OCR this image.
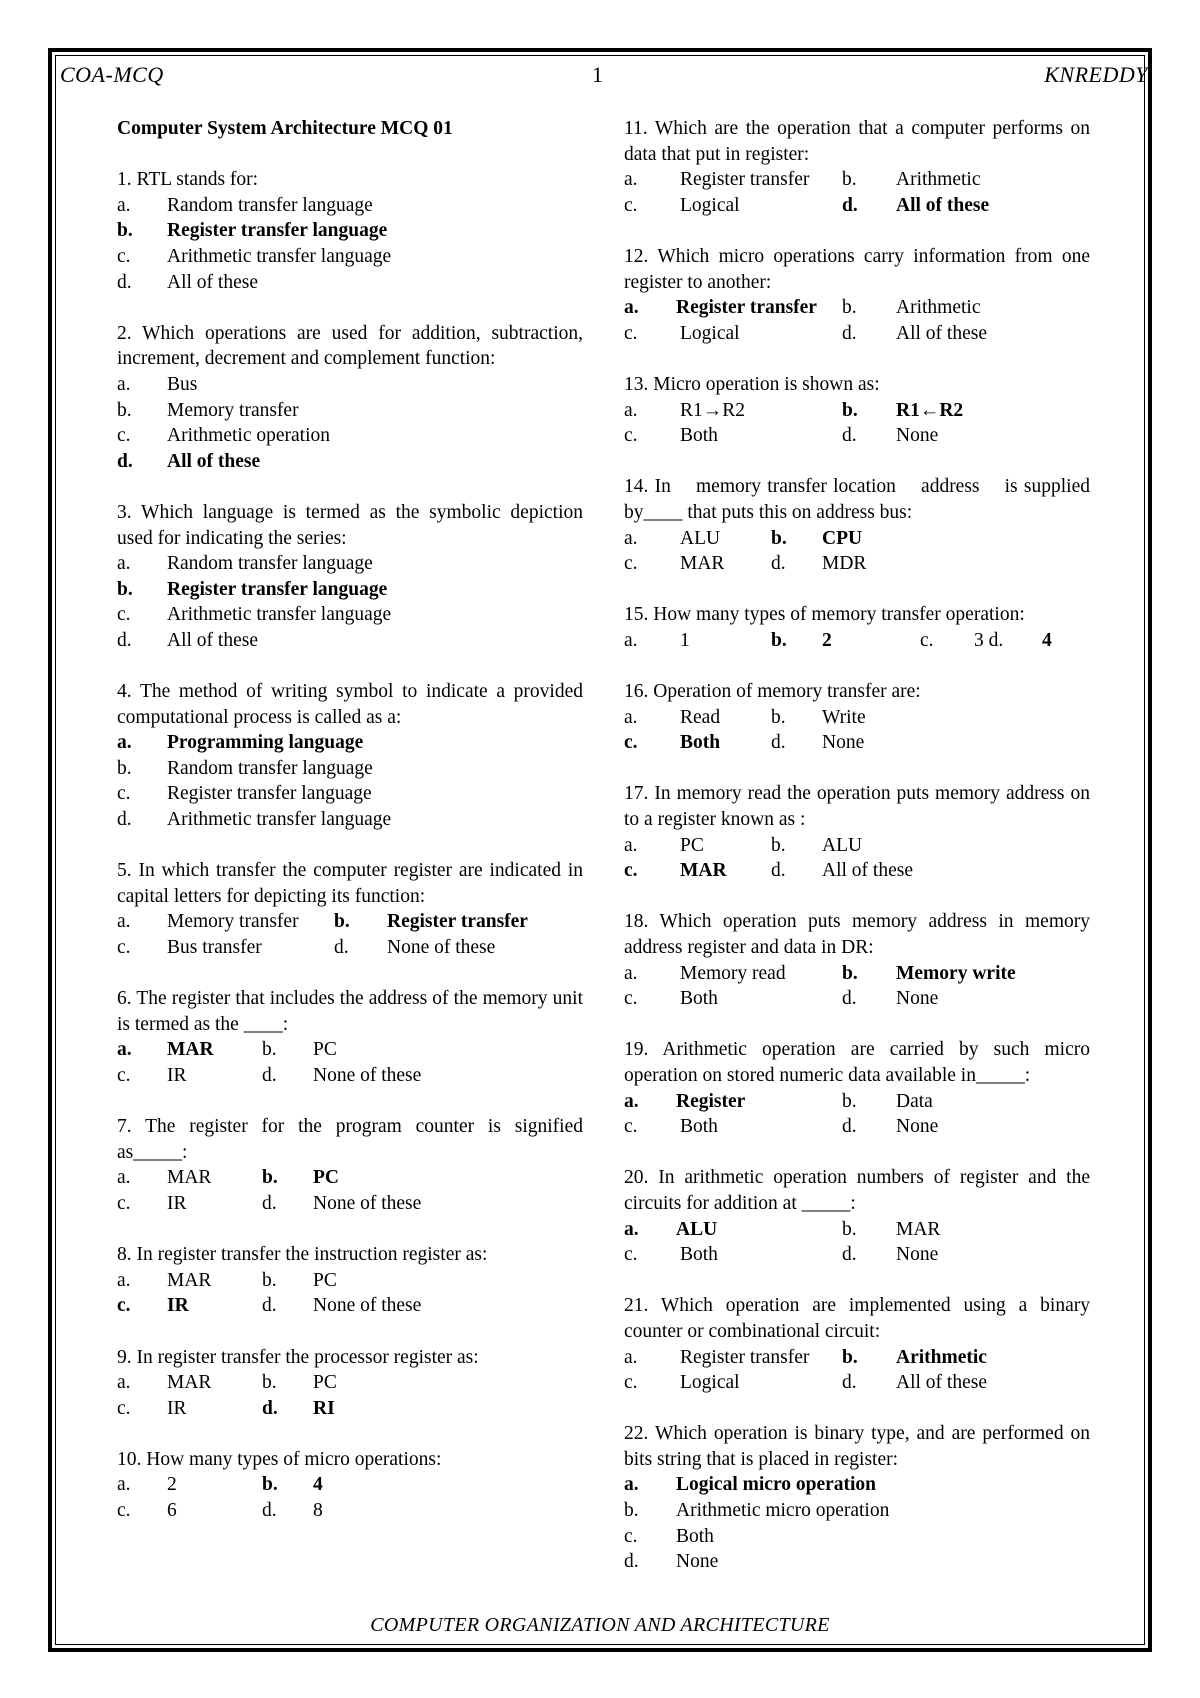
COA-MCQ	1	KNREDDY
Computer System Architecture MCQ 01
1. RTL stands for:
a. Random transfer language
b. Register transfer language
c. Arithmetic transfer language
d. All of these
2. Which operations are used for addition, subtraction, increment, decrement and complement function:
a. Bus
b. Memory transfer
c. Arithmetic operation
d. All of these
3. Which language is termed as the symbolic depiction used for indicating the series:
a. Random transfer language
b. Register transfer language
c. Arithmetic transfer language
d. All of these
4. The method of writing symbol to indicate a provided computational process is called as a:
a. Programming language
b. Random transfer language
c. Register transfer language
d. Arithmetic transfer language
5. In which transfer the computer register are indicated in capital letters for depicting its function:
a. Memory transfer b. Register transfer
c. Bus transfer	d. None of these
6. The register that includes the address of the memory unit is termed as the ____:
a. MAR b. PC
c. IR	d. None of these
7. The register for the program counter is signified as_____:
a. MAR	b. PC
c. IR	d. None of these
8. In register transfer the instruction register as:
a. MAR	b. PC
c. IR	d. None of these
9. In register transfer the processor register as:
a. MAR	b. PC
c. IR	d. RI
10. How many types of micro operations:
a. 2	b. 4
c. 6	d. 8
11. Which are the operation that a computer performs on data that put in register:
a. Register transfer b. Arithmetic
c. Logical	d. All of these
12. Which micro operations carry information from one register to another:
a. Register transfer b. Arithmetic
c. Logical	d. All of these
13. Micro operation is shown as:
a. R1→R2	b. R1←R2
c. Both	d. None
14. In    memory transfer location    address    is supplied by____ that puts this on address bus:
a. ALU	b. CPU
c. MAR d. MDR
15. How many types of memory transfer operation:
a. 1	b. 2	c. 3 d. 4
16. Operation of memory transfer are:
a. Read	b. Write
c. Both	d. None
17. In memory read the operation puts memory address on to a register known as :
a. PC	b. ALU
c. MAR d. All of these
18. Which operation puts memory address in memory address register and data in DR:
a. Memory read	b. Memory write
c. Both	d. None
19. Arithmetic operation are carried by such micro operation on stored numeric data available in_____:
a. Register	b. Data
c. Both	d. None
20. In arithmetic operation numbers of register and the circuits for addition at _____:
a. ALU	b. MAR
c. Both	d. None
21. Which operation are implemented using a binary counter or combinational circuit:
a. Register transfer b. Arithmetic
c. Logical	d. All of these
22. Which operation is binary type, and are performed on bits string that is placed in register:
a. Logical micro operation
b. Arithmetic micro operation
c. Both
d. None
COMPUTER ORGANIZATION AND ARCHITECTURE
